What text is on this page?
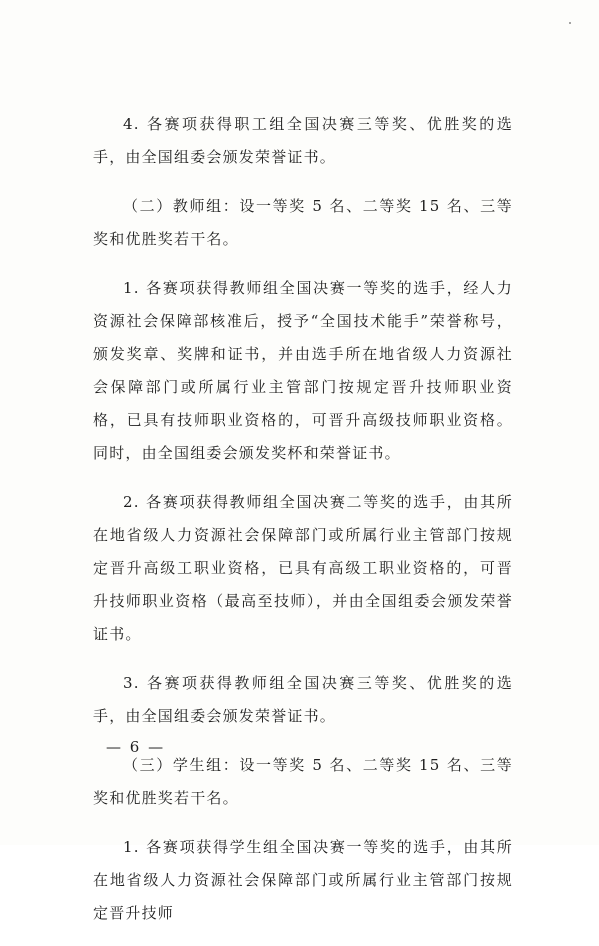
4. 各赛项获得职工组全国决赛三等奖、优胜奖的选手，由全国组委会颁发荣誉证书。

（二）教师组：设一等奖 5 名、二等奖 15 名、三等奖和优胜奖若干名。

1. 各赛项获得教师组全国决赛一等奖的选手，经人力资源社会保障部核准后，授予“全国技术能手”荣誉称号，颁发奖章、奖牌和证书，并由选手所在地省级人力资源社会保障部门或所属行业主管部门按规定晋升技师职业资格，已具有技师职业资格的，可晋升高级技师职业资格。同时，由全国组委会颁发奖杯和荣誉证书。

2. 各赛项获得教师组全国决赛二等奖的选手，由其所在地省级人力资源社会保障部门或所属行业主管部门按规定晋升高级工职业资格，已具有高级工职业资格的，可晋升技师职业资格（最高至技师），并由全国组委会颁发荣誉证书。

3. 各赛项获得教师组全国决赛三等奖、优胜奖的选手，由全国组委会颁发荣誉证书。

（三）学生组：设一等奖 5 名、二等奖 15 名、三等奖和优胜奖若干名。

1. 各赛项获得学生组全国决赛一等奖的选手，由其所在地省级人力资源社会保障部门或所属行业主管部门按规定晋升技师

— 6 —
